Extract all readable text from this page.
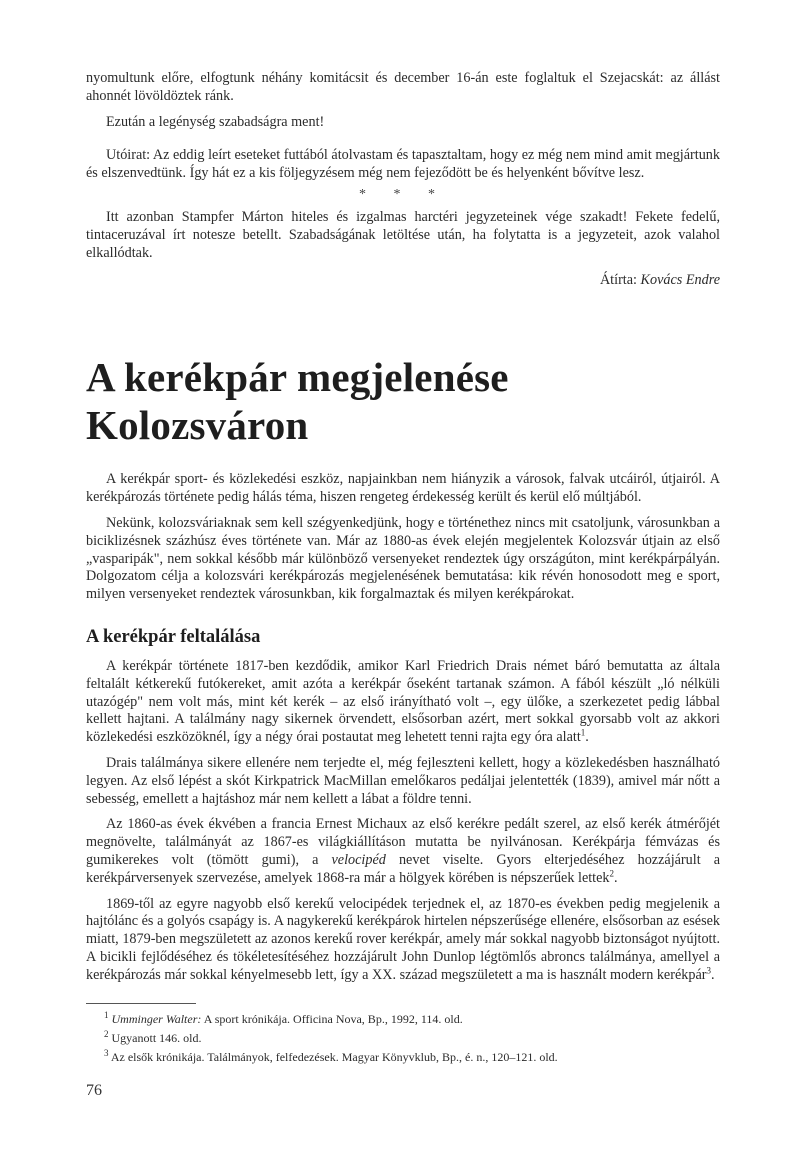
nyomultunk előre, elfogtunk néhány komitácsit és december 16-án este foglaltuk el Szejacskát: az állást ahonnét lövöldöztek ránk.

Ezután a legénység szabadságra ment!

Utóirat: Az eddig leírt eseteket futtából átolvastam és tapasztaltam, hogy ez még nem mind amit megjártunk és elszenvedtünk. Így hát ez a kis följegyzésem még nem fejeződött be és helyenként bővítve lesz.

* * *

Itt azonban Stampfer Márton hiteles és izgalmas harctéri jegyzeteinek vége szakadt! Fekete fedelű, tintaceruzával írt notesze betellt. Szabadságának letöltése után, ha folytatta is a jegyzeteit, azok valahol elkallódtak.

Átírta: Kovács Endre
A kerékpár megjelenése Kolozsváron

A kerékpár sport- és közlekedési eszköz, napjainkban nem hiányzik a városok, falvak utcáiról, útjairól. A kerékpározás története pedig hálás téma, hiszen rengeteg érdekesség került és kerül elő múltjából.

Nekünk, kolozsváriaknak sem kell szégyenkedjünk, hogy e történethez nincs mit csatoljunk, városunkban a biciklizésnek százhúsz éves története van. Már az 1880-as évek elején megjelentek Kolozsvár útjain az első „vasparipák", nem sokkal később már különböző versenyeket rendeztek úgy országúton, mint kerékpárpályán. Dolgozatom célja a kolozsvári kerékpározás megjelenésének bemutatása: kik révén honosodott meg e sport, milyen versenyeket rendeztek városunkban, kik forgalmaztak és milyen kerékpárokat.

A kerékpár feltalálása

A kerékpár története 1817-ben kezdődik, amikor Karl Friedrich Drais német báró bemutatta az általa feltalált kétkerekű futókereket, amit azóta a kerékpár őseként tartanak számon. A fából készült „ló nélküli utazógép" nem volt más, mint két kerék – az első irányítható volt –, egy ülőke, a szerkezetet pedig lábbal kellett hajtani. A találmány nagy sikernek örvendett, elsősorban azért, mert sokkal gyorsabb volt az akkori közlekedési eszközöknél, így a négy órai postautat meg lehetett tenni rajta egy óra alatt$^1$.

Drais találmánya sikere ellenére nem terjedte el, még fejleszteni kellett, hogy a közlekedésben használható legyen. Az első lépést a skót Kirkpatrick MacMillan emelőkaros pedáljai jelentették (1839), amivel már nőtt a sebesség, emellett a hajtáshoz már nem kellett a lábat a földre tenni.

Az 1860-as évek ékvében a francia Ernest Michaux az első kerékre pedált szerel, az első kerék átmérőjét megnövelte, találmányát az 1867-es világkiállításon mutatta be nyilvánosan. Kerékpárja fémvázas és gumikerekes volt (tömött gumi), a velocipéd nevet viselte. Gyors elterjedéséhez hozzájárult a kerékpárversenyek szervezése, amelyek 1868-ra már a hölgyek körében is népszerűek lettek$^2$.

1869-től az egyre nagyobb első kerekű velocipédek terjednek el, az 1870-es években pedig megjelenik a hajtólánc és a golyós csapágy is. A nagykerekű kerékpárok hirtelen népszerűsége ellenére, elsősorban az esések miatt, 1879-ben megszületett az azonos kerekű rover kerékpár, amely már sokkal nagyobb biztonságot nyújtott. A bicikli fejlődéséhez és tökéletesítéséhez hozzájárult John Dunlop légtömlős abroncs találmánya, amellyel a kerékpározás már sokkal kényelmesebb lett, így a XX. század megszületett a ma is használt modern kerékpár$^3$.

$^1$ Umminger Walter: A sport krónikája. Officina Nova, Bp., 1992, 114. old.

$^2$ Ugyanott 146. old.

$^3$ Az elsők krónikája. Találmányok, felfedezések. Magyar Könyvklub, Bp., é. n., 120–121. old.

76
